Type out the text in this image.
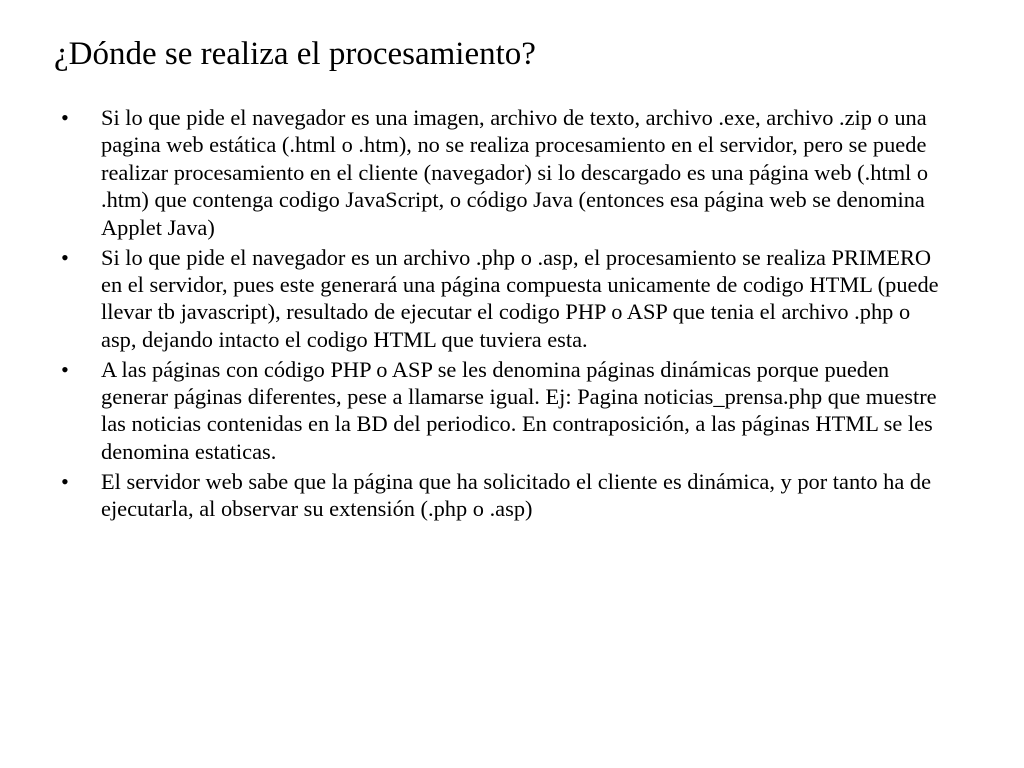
¿Dónde se realiza el procesamiento?
• Si lo que pide el navegador es una imagen, archivo de texto, archivo .exe, archivo .zip o una pagina web estática (.html o .htm), no se realiza procesamiento en el servidor, pero se puede realizar procesamiento en el cliente (navegador) si lo descargado es una página web (.html o .htm) que contenga codigo JavaScript, o código Java (entonces esa página web se denomina Applet Java)
• Si lo que pide el navegador es un archivo .php o .asp, el procesamiento se realiza PRIMERO en el servidor, pues este generará una página compuesta unicamente de codigo HTML (puede llevar tb javascript), resultado de ejecutar el codigo PHP o ASP que tenia el archivo .php o asp, dejando intacto el codigo HTML que tuviera esta.
• A las páginas con código PHP o ASP se les denomina páginas dinámicas porque pueden generar páginas diferentes, pese a llamarse igual. Ej: Pagina noticias_prensa.php que muestre las noticias contenidas en la BD del periodico. En contraposición, a las páginas HTML se les denomina estaticas.
• El servidor web sabe que la página que ha solicitado el cliente es dinámica, y por tanto ha de ejecutarla, al observar su extensión (.php o .asp)
